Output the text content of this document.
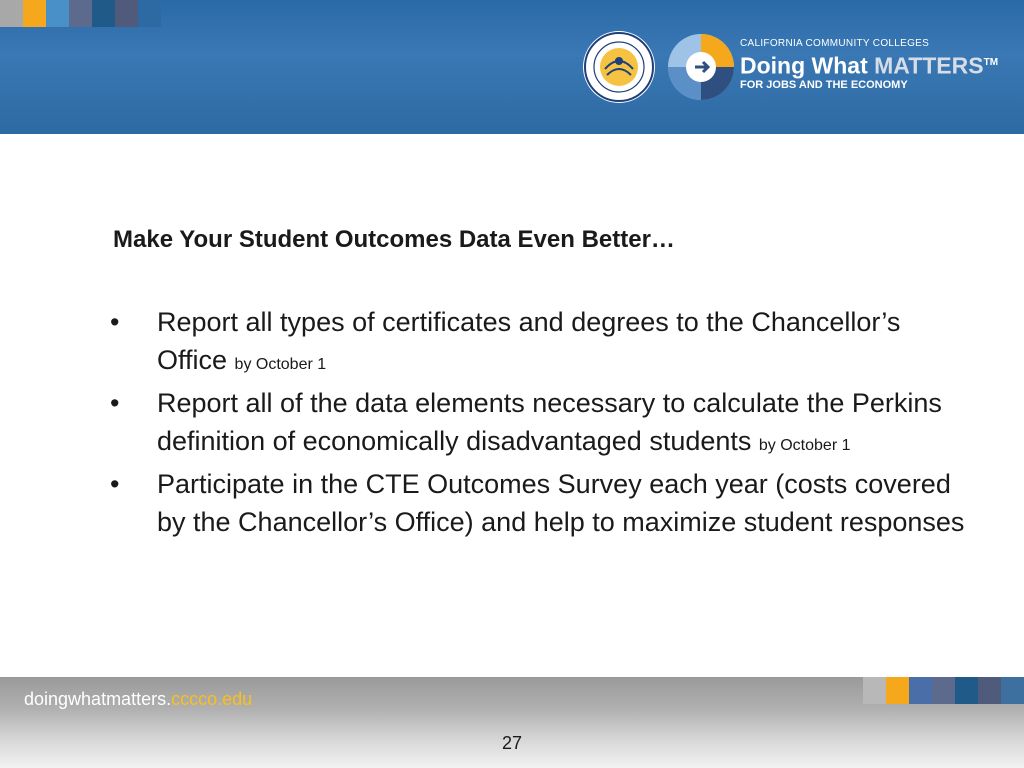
CALIFORNIA COMMUNITY COLLEGES
Doing What MATTERS™
FOR JOBS AND THE ECONOMY
Make Your Student Outcomes Data Even Better…
•	Report all types of certificates and degrees to the Chancellor’s Office by October 1
•	Report all of the data elements necessary to calculate the Perkins definition of economically disadvantaged students by October 1
•	Participate in the CTE Outcomes Survey each year (costs covered by the Chancellor’s Office) and help to maximize student responses
doingwhatmatters.cccco.edu
27
